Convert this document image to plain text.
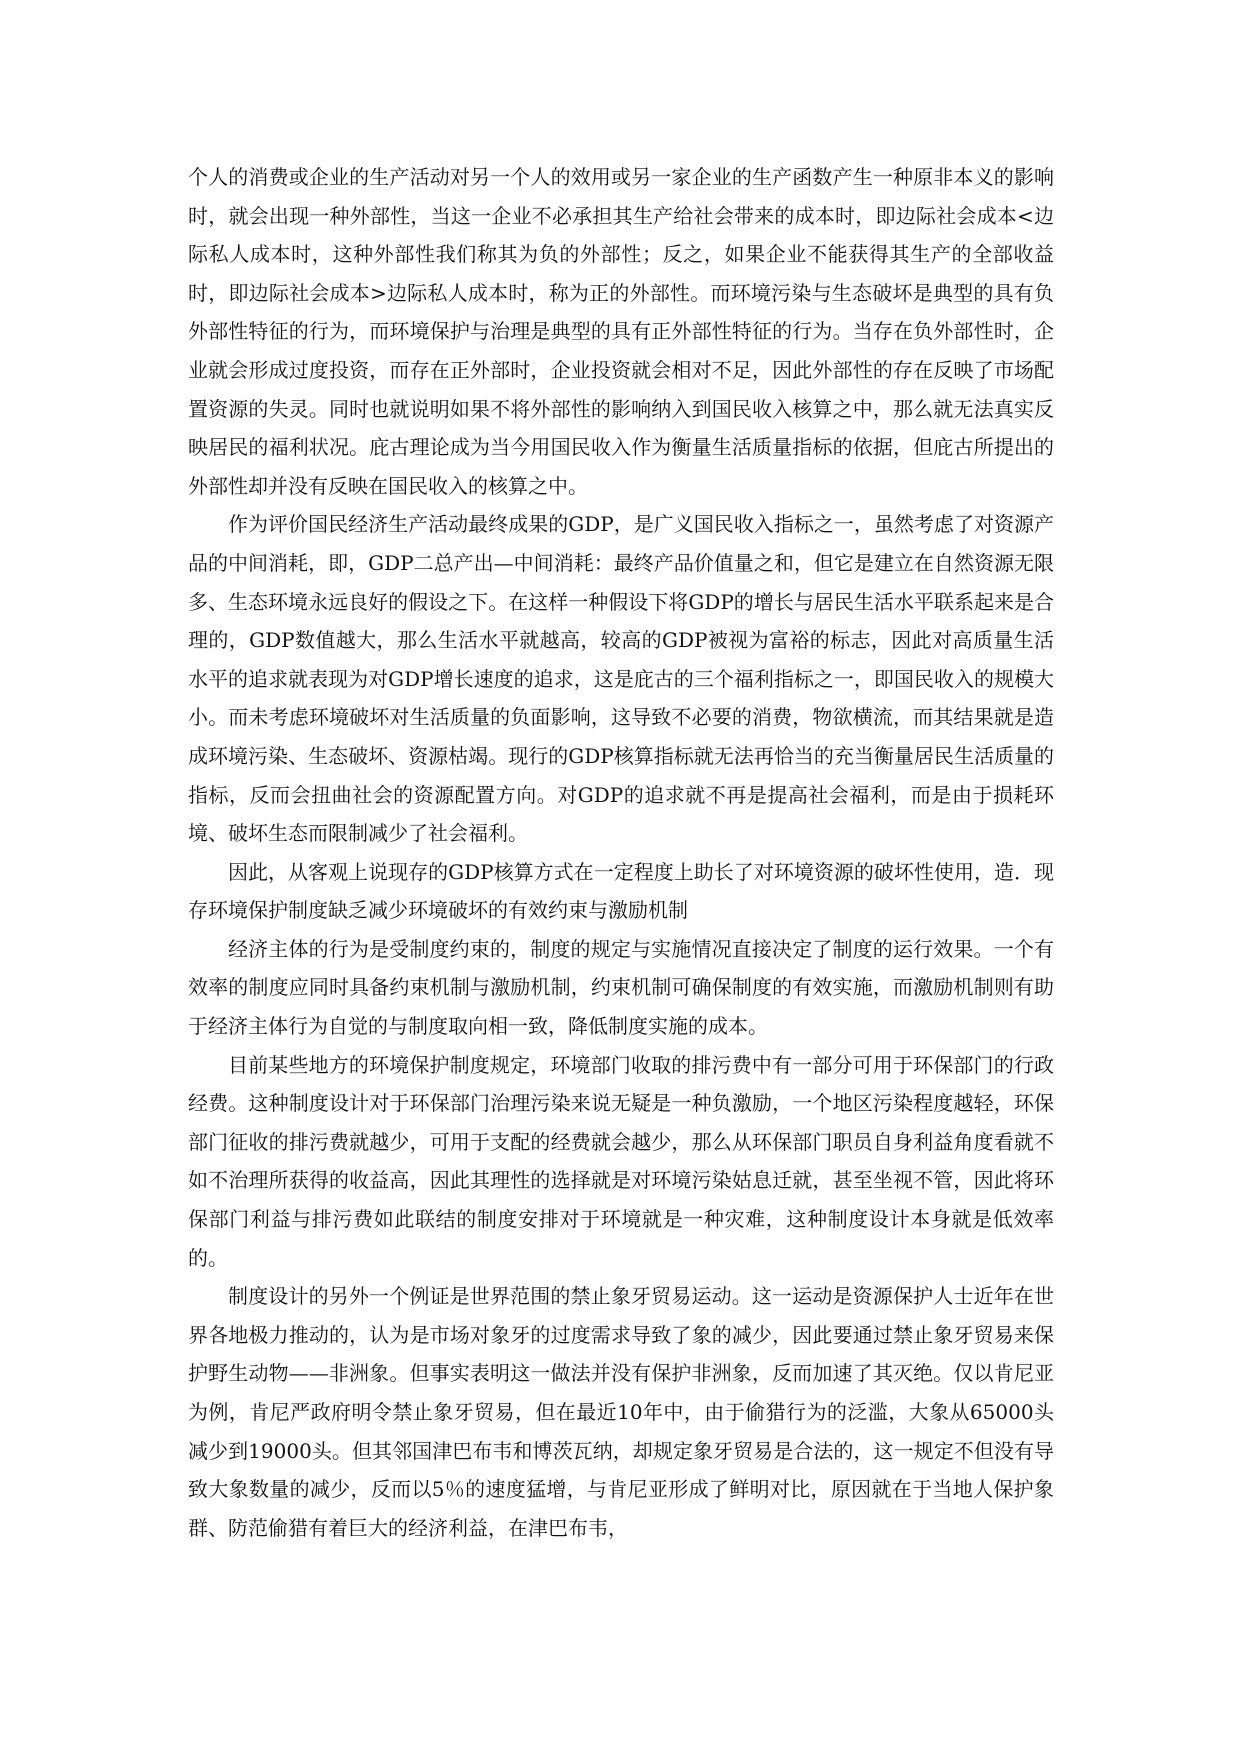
个人的消费或企业的生产活动对另一个人的效用或另一家企业的生产函数产生一种原非本义的影响时，就会出现一种外部性，当这一企业不必承担其生产给社会带来的成本时，即边际社会成本<边际私人成本时，这种外部性我们称其为负的外部性；反之，如果企业不能获得其生产的全部收益时，即边际社会成本>边际私人成本时，称为正的外部性。而环境污染与生态破坏是典型的具有负外部性特征的行为，而环境保护与治理是典型的具有正外部性特征的行为。当存在负外部性时，企业就会形成过度投资，而存在正外部时，企业投资就会相对不足，因此外部性的存在反映了市场配置资源的失灵。同时也就说明如果不将外部性的影响纳入到国民收入核算之中，那么就无法真实反映居民的福利状况。庇古理论成为当今用国民收入作为衡量生活质量指标的依据，但庇古所提出的外部性却并没有反映在国民收入的核算之中。

作为评价国民经济生产活动最终成果的GDP，是广义国民收入指标之一，虽然考虑了对资源产品的中间消耗，即，GDP二总产出—中间消耗：最终产品价值量之和，但它是建立在自然资源无限多、生态环境永远良好的假设之下。在这样一种假设下将GDP的增长与居民生活水平联系起来是合理的，GDP数值越大，那么生活水平就越高，较高的GDP被视为富裕的标志，因此对高质量生活水平的追求就表现为对GDP增长速度的追求，这是庇古的三个福利指标之一，即国民收入的规模大小。而未考虑环境破坏对生活质量的负面影响，这导致不必要的消费，物欲横流，而其结果就是造成环境污染、生态破坏、资源枯竭。现行的GDP核算指标就无法再恰当的充当衡量居民生活质量的指标，反而会扭曲社会的资源配置方向。对GDP的追求就不再是提高社会福利，而是由于损耗环境、破坏生态而限制减少了社会福利。

因此，从客观上说现存的GDP核算方式在一定程度上助长了对环境资源的破坏性使用，造．现存环境保护制度缺乏减少环境破坏的有效约束与激励机制

经济主体的行为是受制度约束的，制度的规定与实施情况直接决定了制度的运行效果。一个有效率的制度应同时具备约束机制与激励机制，约束机制可确保制度的有效实施，而激励机制则有助于经济主体行为自觉的与制度取向相一致，降低制度实施的成本。

目前某些地方的环境保护制度规定，环境部门收取的排污费中有一部分可用于环保部门的行政经费。这种制度设计对于环保部门治理污染来说无疑是一种负激励，一个地区污染程度越轻，环保部门征收的排污费就越少，可用于支配的经费就会越少，那么从环保部门职员自身利益角度看就不如不治理所获得的收益高，因此其理性的选择就是对环境污染姑息迁就，甚至坐视不管，因此将环保部门利益与排污费如此联结的制度安排对于环境就是一种灾难，这种制度设计本身就是低效率的。

制度设计的另外一个例证是世界范围的禁止象牙贸易运动。这一运动是资源保护人士近年在世界各地极力推动的，认为是市场对象牙的过度需求导致了象的减少，因此要通过禁止象牙贸易来保护野生动物——非洲象。但事实表明这一做法并没有保护非洲象，反而加速了其灭绝。仅以肯尼亚为例，肯尼严政府明令禁止象牙贸易，但在最近10年中，由于偷猎行为的泛滥，大象从65000头减少到19000头。但其邻国津巴布韦和博茨瓦纳，却规定象牙贸易是合法的，这一规定不但没有导致大象数量的减少，反而以5％的速度猛增，与肯尼亚形成了鲜明对比，原因就在于当地人保护象群、防范偷猎有着巨大的经济利益，在津巴布韦，
